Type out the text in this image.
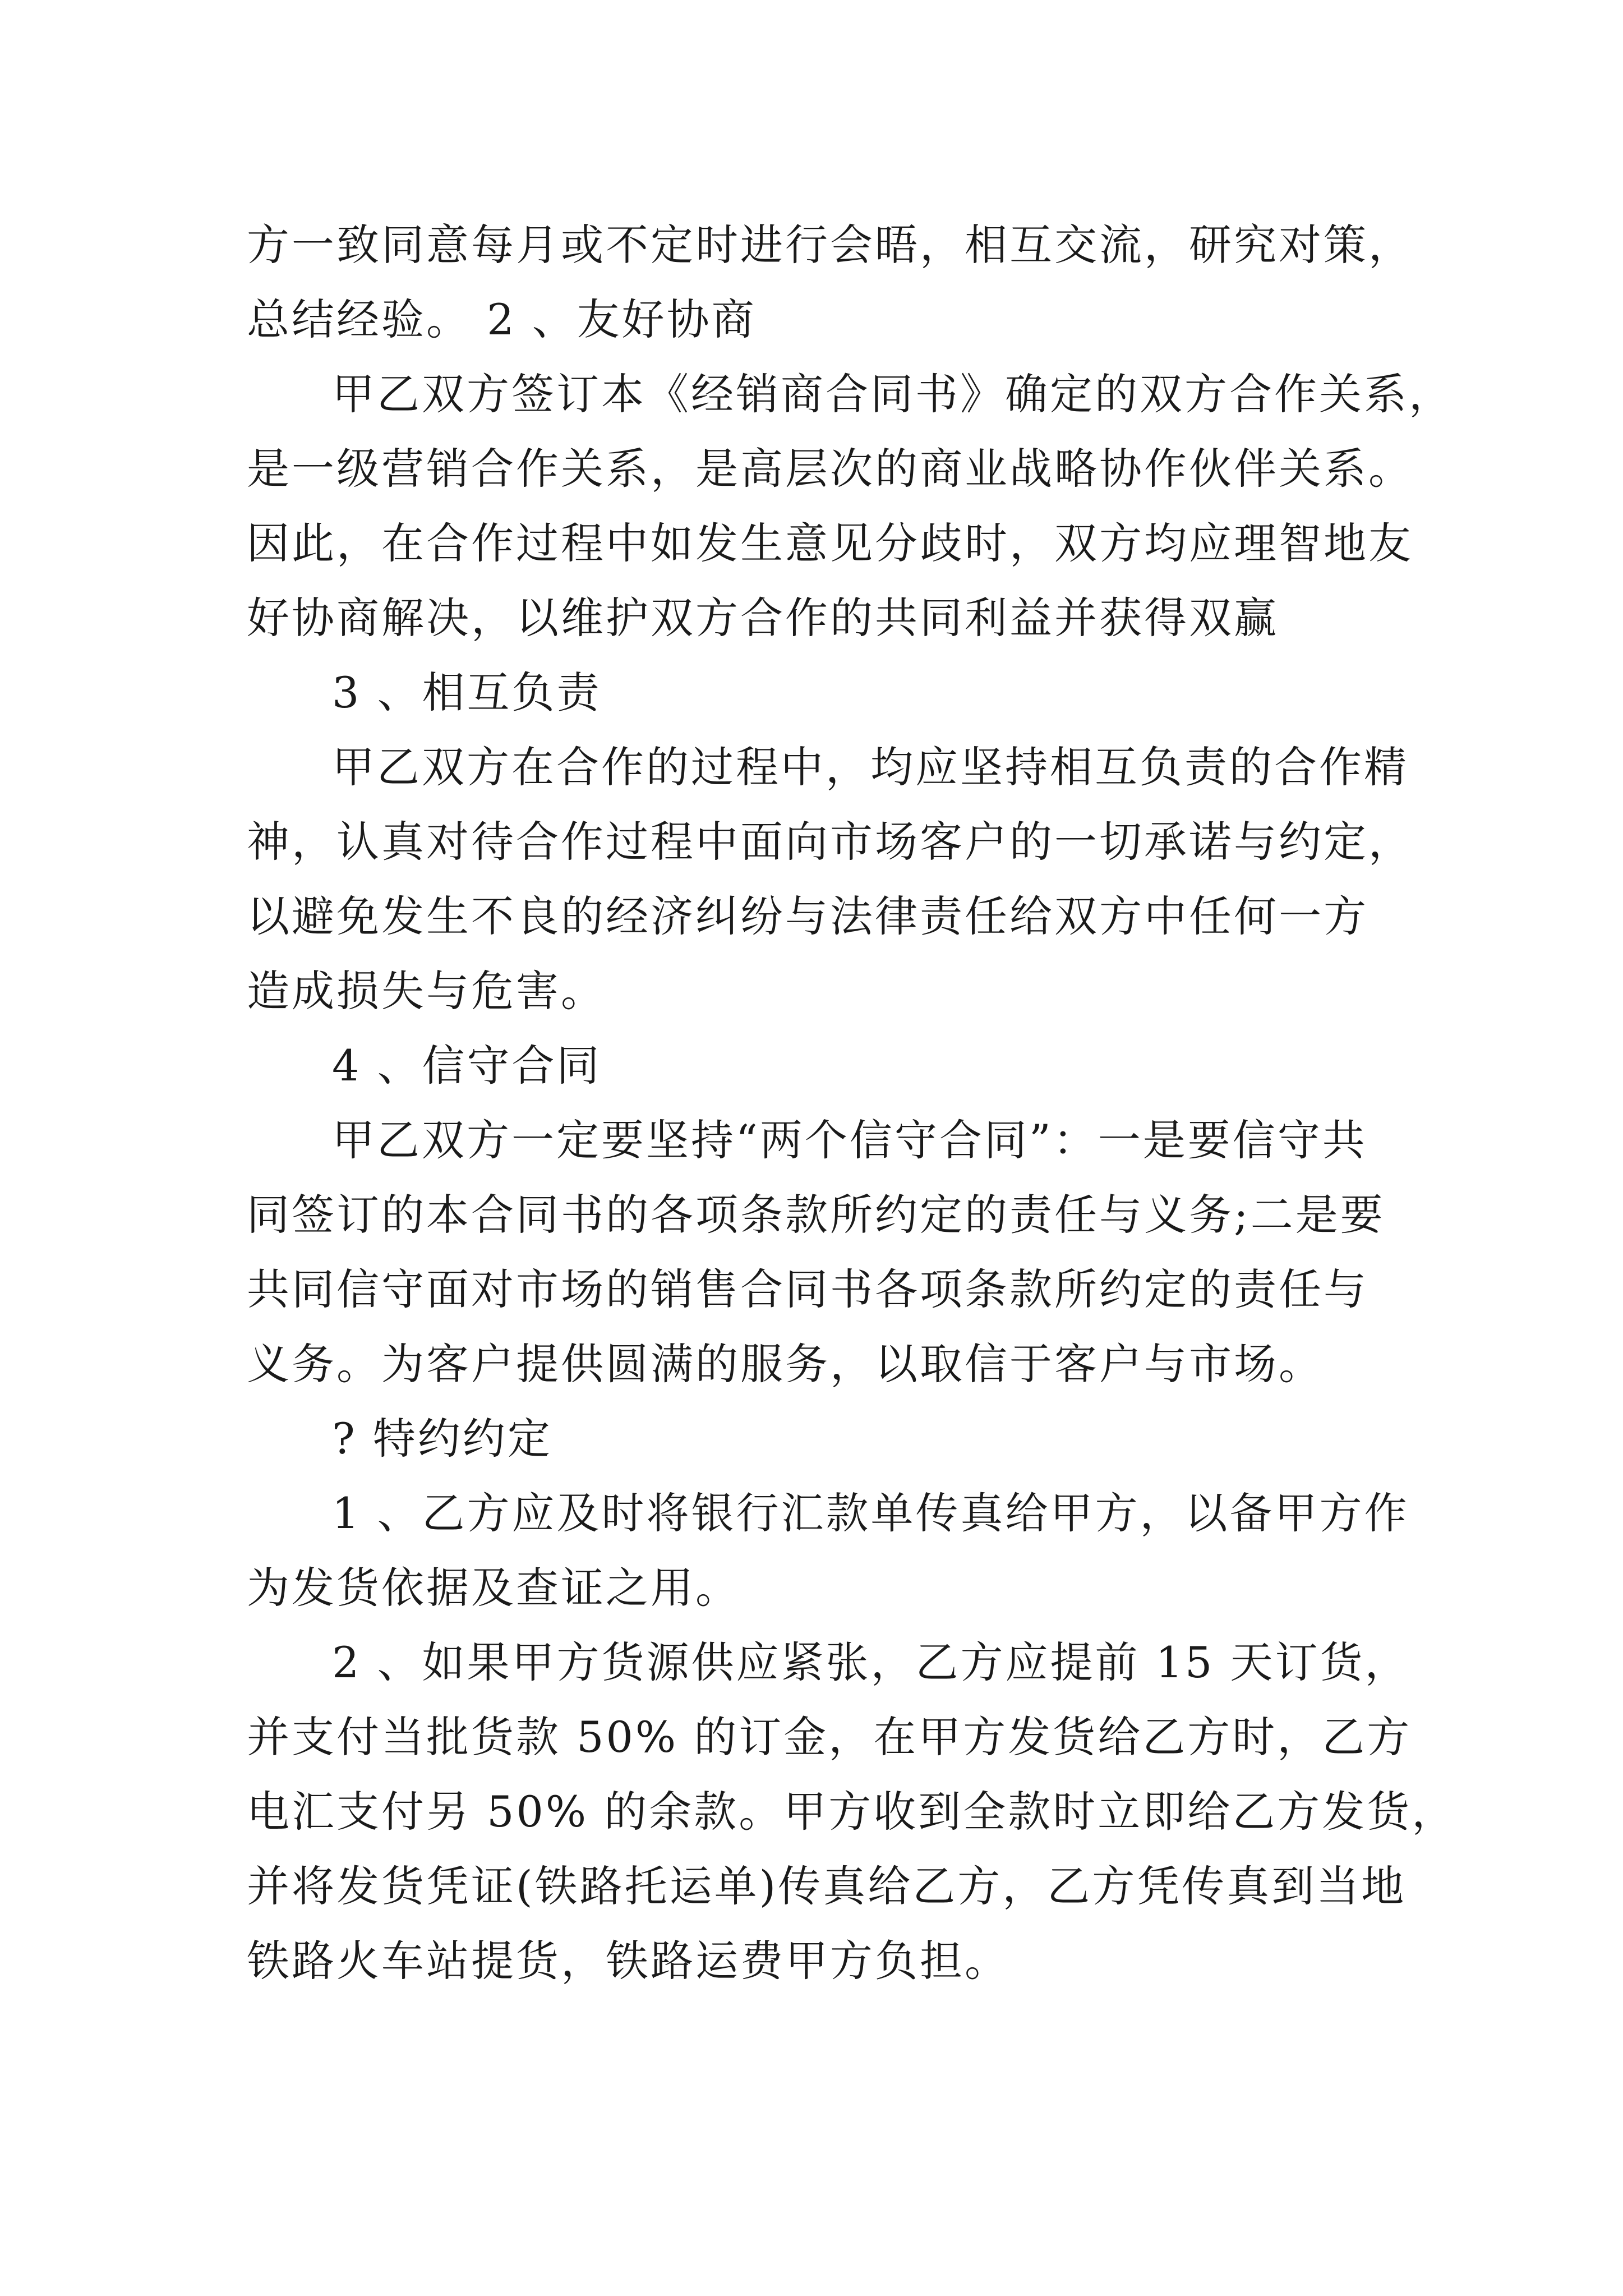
方一致同意每月或不定时进行会晤，相互交流，研究对策，
总结经验。 2 、友好协商
甲乙双方签订本《经销商合同书》确定的双方合作关系，
是一级营销合作关系，是高层次的商业战略协作伙伴关系。
因此，在合作过程中如发生意见分歧时，双方均应理智地友
好协商解决，以维护双方合作的共同利益并获得双赢
3 、相互负责
甲乙双方在合作的过程中，均应坚持相互负责的合作精
神，认真对待合作过程中面向市场客户的一切承诺与约定，
以避免发生不良的经济纠纷与法律责任给双方中任何一方
造成损失与危害。
4 、信守合同
甲乙双方一定要坚持“两个信守合同”：一是要信守共
同签订的本合同书的各项条款所约定的责任与义务;二是要
共同信守面对市场的销售合同书各项条款所约定的责任与
义务。为客户提供圆满的服务，以取信于客户与市场。
? 特约约定
1 、乙方应及时将银行汇款单传真给甲方，以备甲方作
为发货依据及查证之用。
2 、如果甲方货源供应紧张，乙方应提前 15 天订货，
并支付当批货款 50% 的订金，在甲方发货给乙方时，乙方
电汇支付另 50% 的余款。甲方收到全款时立即给乙方发货，
并将发货凭证(铁路托运单)传真给乙方，乙方凭传真到当地
铁路火车站提货，铁路运费甲方负担。
